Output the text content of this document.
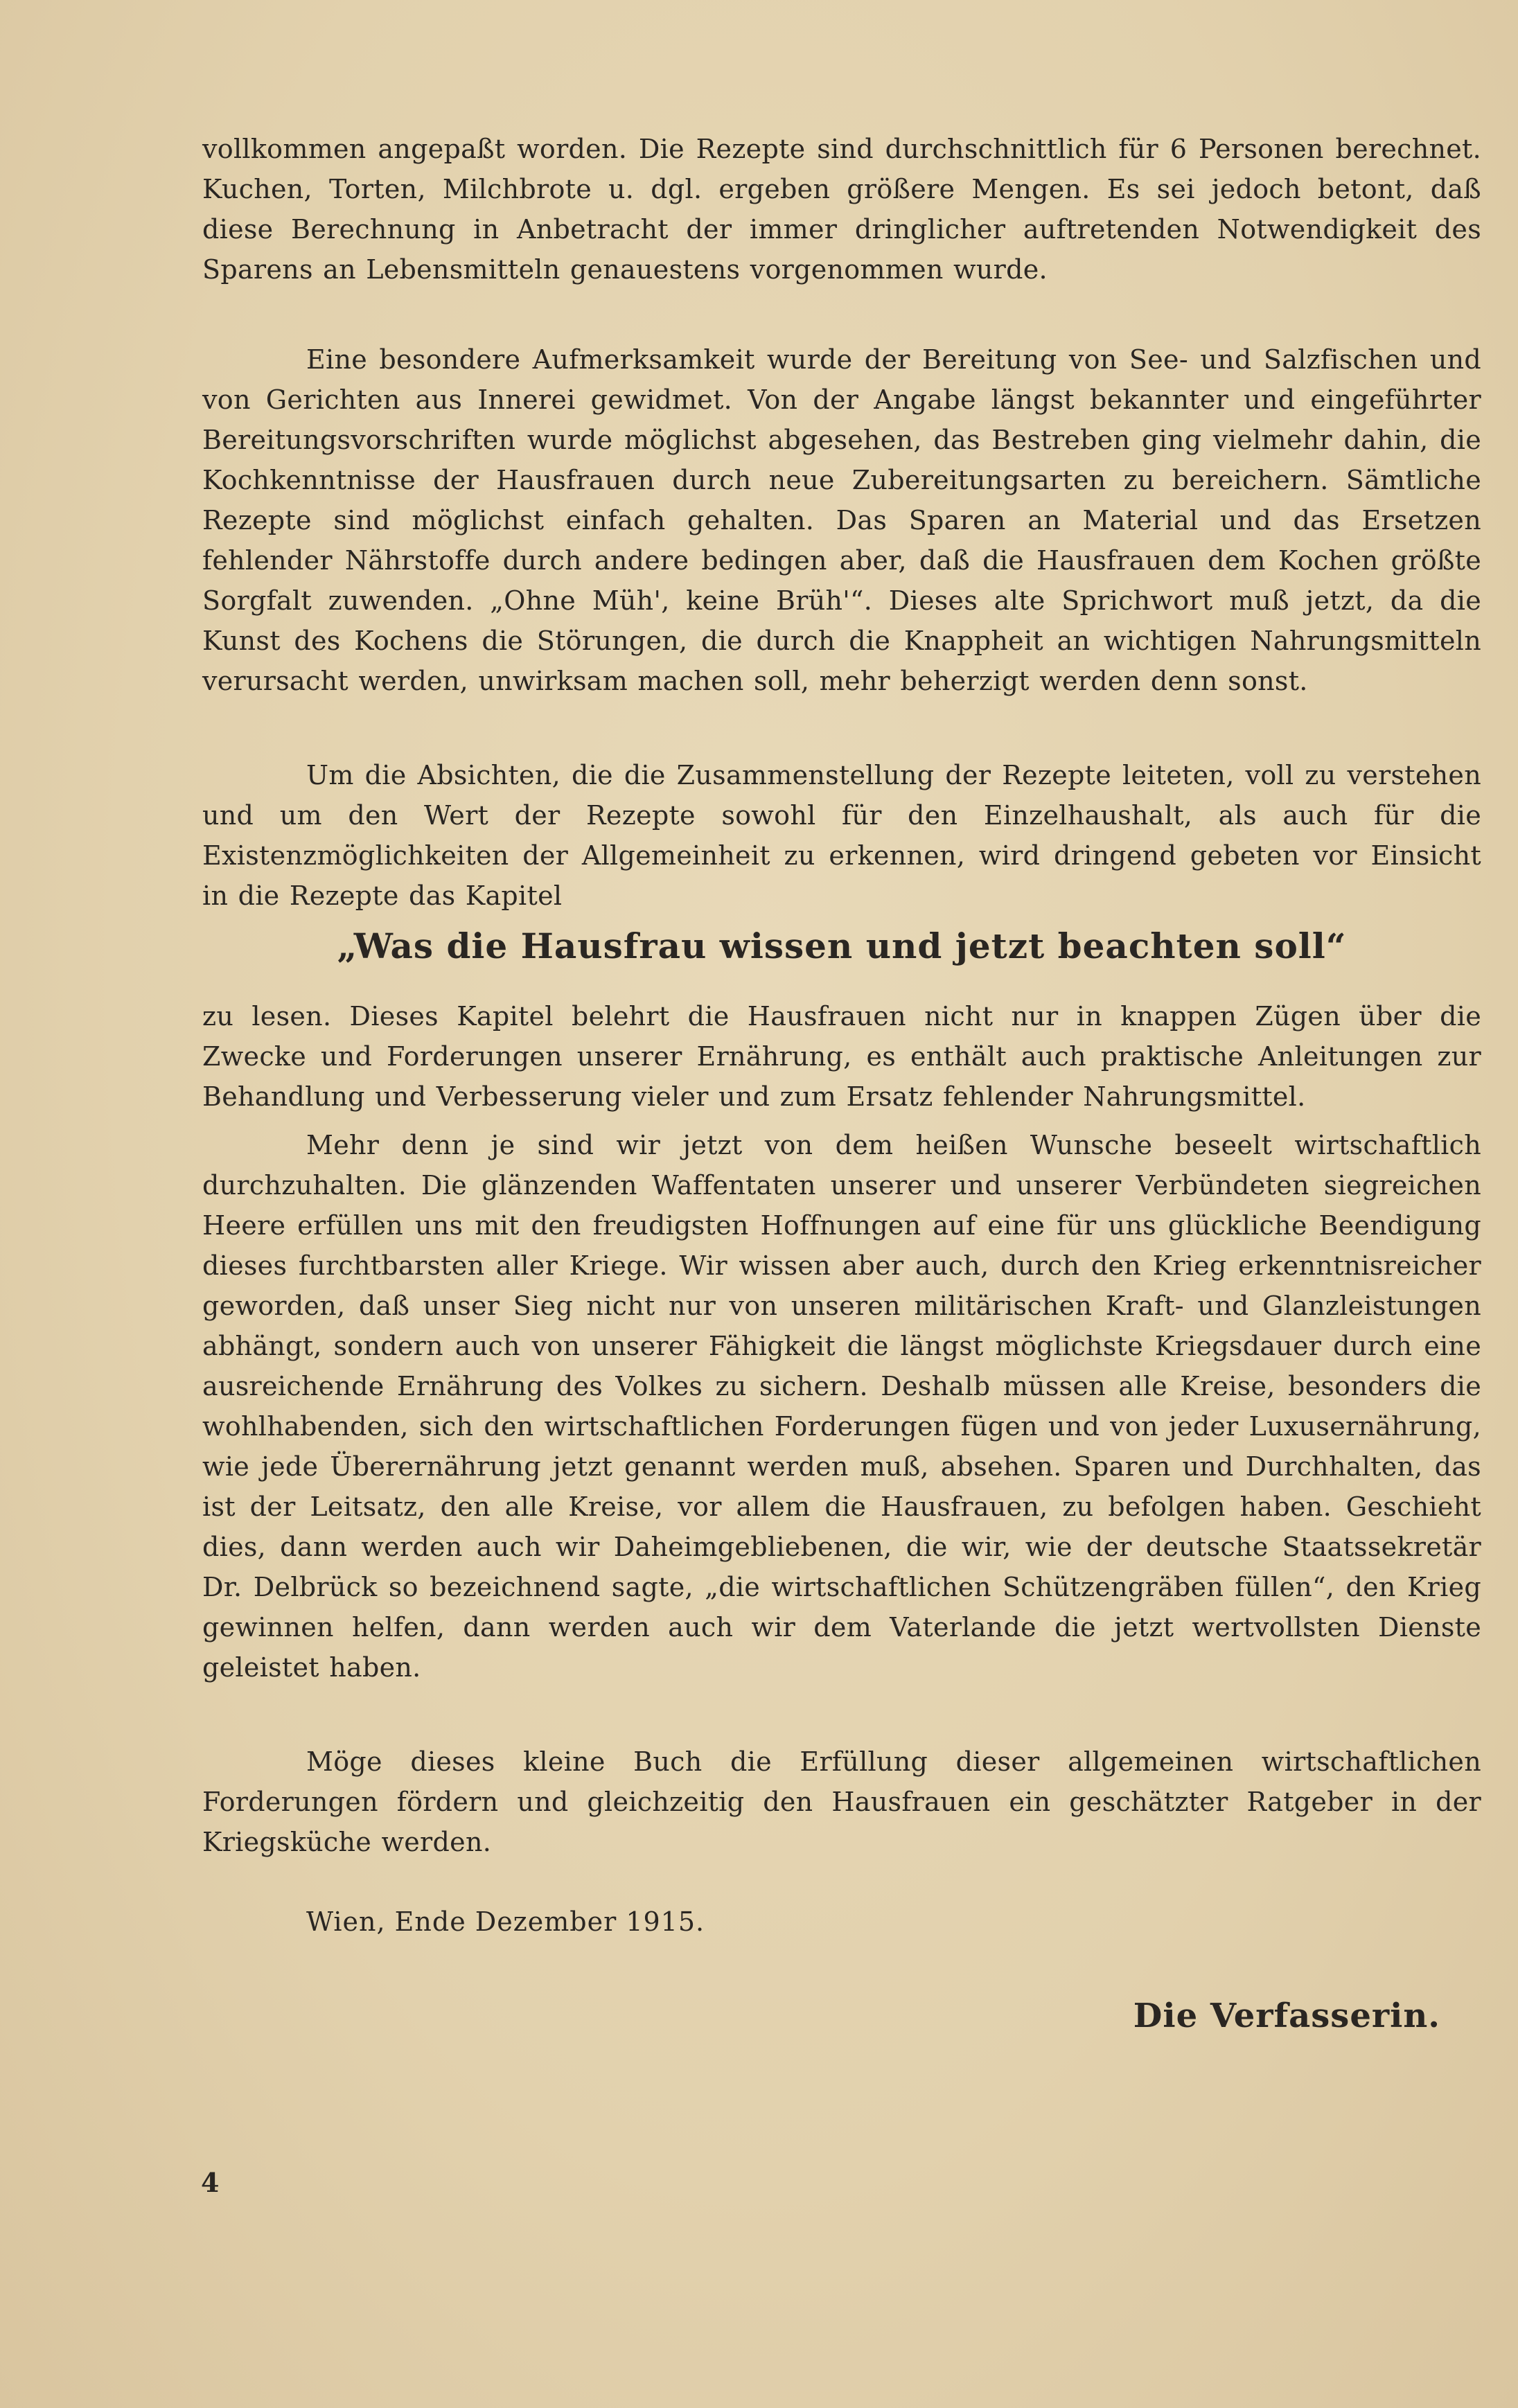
vollkommen angepaßt worden. Die Rezepte sind durchschnittlich für 6 Personen berechnet. Kuchen, Torten, Milchbrote u. dgl. ergeben größere Mengen. Es sei jedoch betont, daß diese Berechnung in Anbetracht der immer dringlicher auftretenden Notwendigkeit des Sparens an Lebensmitteln genauestens vorgenommen wurde.

Eine besondere Aufmerksamkeit wurde der Bereitung von See- und Salzfischen und von Gerichten aus Innerei gewidmet. Von der Angabe längst bekannter und eingeführter Bereitungsvorschriften wurde möglichst abgesehen, das Bestreben ging vielmehr dahin, die Kochkenntnisse der Hausfrauen durch neue Zubereitungsarten zu bereichern. Sämtliche Rezepte sind möglichst einfach gehalten. Das Sparen an Material und das Ersetzen fehlender Nährstoffe durch andere bedingen aber, daß die Hausfrauen dem Kochen größte Sorgfalt zuwenden. „Ohne Müh', keine Brüh'“. Dieses alte Sprichwort muß jetzt, da die Kunst des Kochens die Störungen, die durch die Knappheit an wichtigen Nahrungsmitteln verursacht werden, unwirksam machen soll, mehr beherzigt werden denn sonst.

Um die Absichten, die die Zusammenstellung der Rezepte leiteten, voll zu verstehen und um den Wert der Rezepte sowohl für den Einzelhaushalt, als auch für die Existenzmöglichkeiten der Allgemeinheit zu erkennen, wird dringend gebeten vor Einsicht in die Rezepte das Kapitel

„Was die Hausfrau wissen und jetzt beachten soll“

zu lesen. Dieses Kapitel belehrt die Hausfrauen nicht nur in knappen Zügen über die Zwecke und Forderungen unserer Ernährung, es enthält auch praktische Anleitungen zur Behandlung und Verbesserung vieler und zum Ersatz fehlender Nahrungsmittel.

Mehr denn je sind wir jetzt von dem heißen Wunsche beseelt wirtschaftlich durchzuhalten. Die glänzenden Waffentaten unserer und unserer Verbündeten siegreichen Heere erfüllen uns mit den freudigsten Hoffnungen auf eine für uns glückliche Beendigung dieses furchtbarsten aller Kriege. Wir wissen aber auch, durch den Krieg erkenntnisreicher geworden, daß unser Sieg nicht nur von unseren militärischen Kraft- und Glanzleistungen abhängt, sondern auch von unserer Fähigkeit die längst möglichste Kriegsdauer durch eine ausreichende Ernährung des Volkes zu sichern. Deshalb müssen alle Kreise, besonders die wohlhabenden, sich den wirtschaftlichen Forderungen fügen und von jeder Luxusernährung, wie jede Überernährung jetzt genannt werden muß, absehen. Sparen und Durchhalten, das ist der Leitsatz, den alle Kreise, vor allem die Hausfrauen, zu befolgen haben. Geschieht dies, dann werden auch wir Daheimgebliebenen, die wir, wie der deutsche Staatssekretär Dr. Delbrück so bezeichnend sagte, „die wirtschaftlichen Schützengräben füllen“, den Krieg gewinnen helfen, dann werden auch wir dem Vaterlande die jetzt wertvollsten Dienste geleistet haben.

Möge dieses kleine Buch die Erfüllung dieser allgemeinen wirtschaftlichen Forderungen fördern und gleichzeitig den Hausfrauen ein geschätzter Ratgeber in der Kriegsküche werden.

Wien, Ende Dezember 1915.
Die Verfasserin.
4
